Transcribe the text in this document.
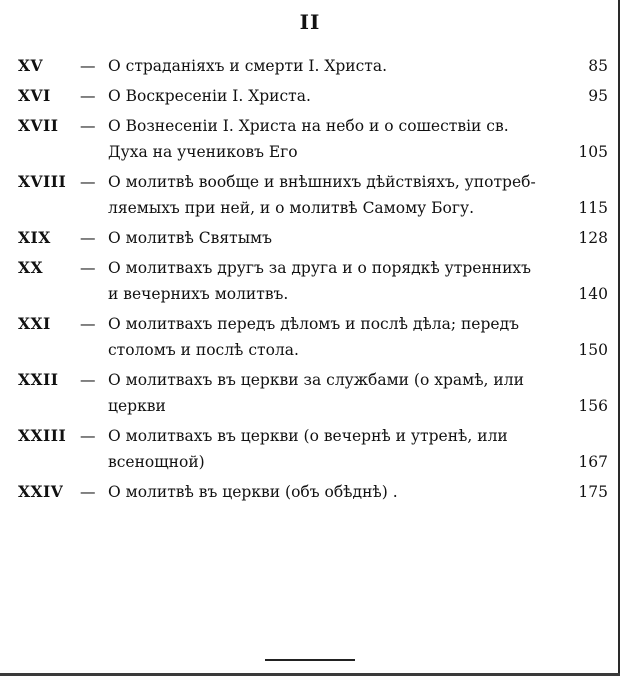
II
XV — О страданіяхъ и смерти І. Христа.	85
XVI — О Воскресеніи І. Христа.	95
XVII — О Вознесеніи І. Христа на небо и о сошествіи св.
Духа на учениковъ Его	105
XVIII — О молитвѣ вообще и внѣшнихъ дѣйствіяхъ, употреб-
ляемыхъ при ней, и о молитвѣ Самому Богу.	115
XIX — О молитвѣ Святымъ	128
XX — О молитвахъ другъ за друга и о порядкѣ утреннихъ
и вечернихъ молитвъ.	140
XXI — О молитвахъ передъ дѣломъ и послѣ дѣла; передъ
столомъ и послѣ стола.	150
XXII — О молитвахъ въ церкви за службами (о храмѣ, или
церкви	156
XXIII — О молитвахъ въ церкви (о вечернѣ и утренѣ, или
всенощной)	167
XXIV — О молитвѣ въ церкви (объ обѣднѣ) .	175
